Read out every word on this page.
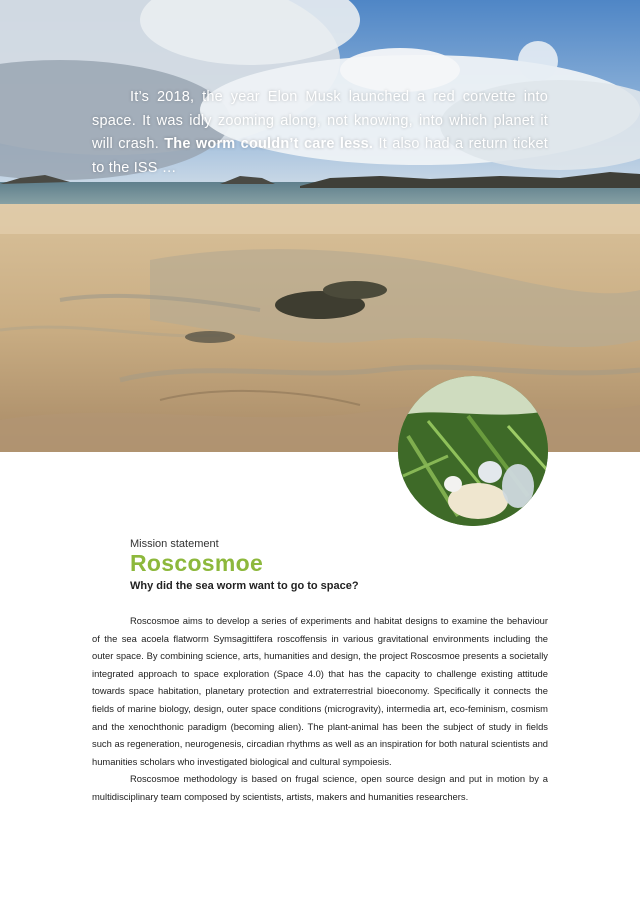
It’s 2018, the year Elon Musk launched a red corvette into space. It was idly zooming along, not knowing, into which planet it will crash. The worm couldn’t care less. It also had a return ticket to the ISS …
Mission statement
Roscosmoe
Why did the sea worm want to go to space?

Roscosmoe aims to develop a series of experiments and habitat designs to examine the behaviour of the sea acoela flatworm Symsagittifera roscoffensis in various gravitational environments including the outer space. By combining science, arts, humanities and design, the project Roscosmoe presents a societally integrated approach to space exploration (Space 4.0) that has the capacity to challenge existing attitude towards space habitation, planetary protection and extraterrestrial bioeconomy. Specifically it connects the fields of marine biology, design, outer space conditions (microgravity), intermedia art, eco-feminism, cosmism and the xenochthonic paradigm (becoming alien). The plant-animal has been the subject of study in fields such as regeneration, neurogenesis, circadian rhythms as well as an inspiration for both natural scientists and humanities scholars who investigated biological and cultural sympoiesis.

Roscosmoe methodology is based on frugal science, open source design and put in motion by a multidisciplinary team composed by scientists, artists, makers and humanities researchers.
